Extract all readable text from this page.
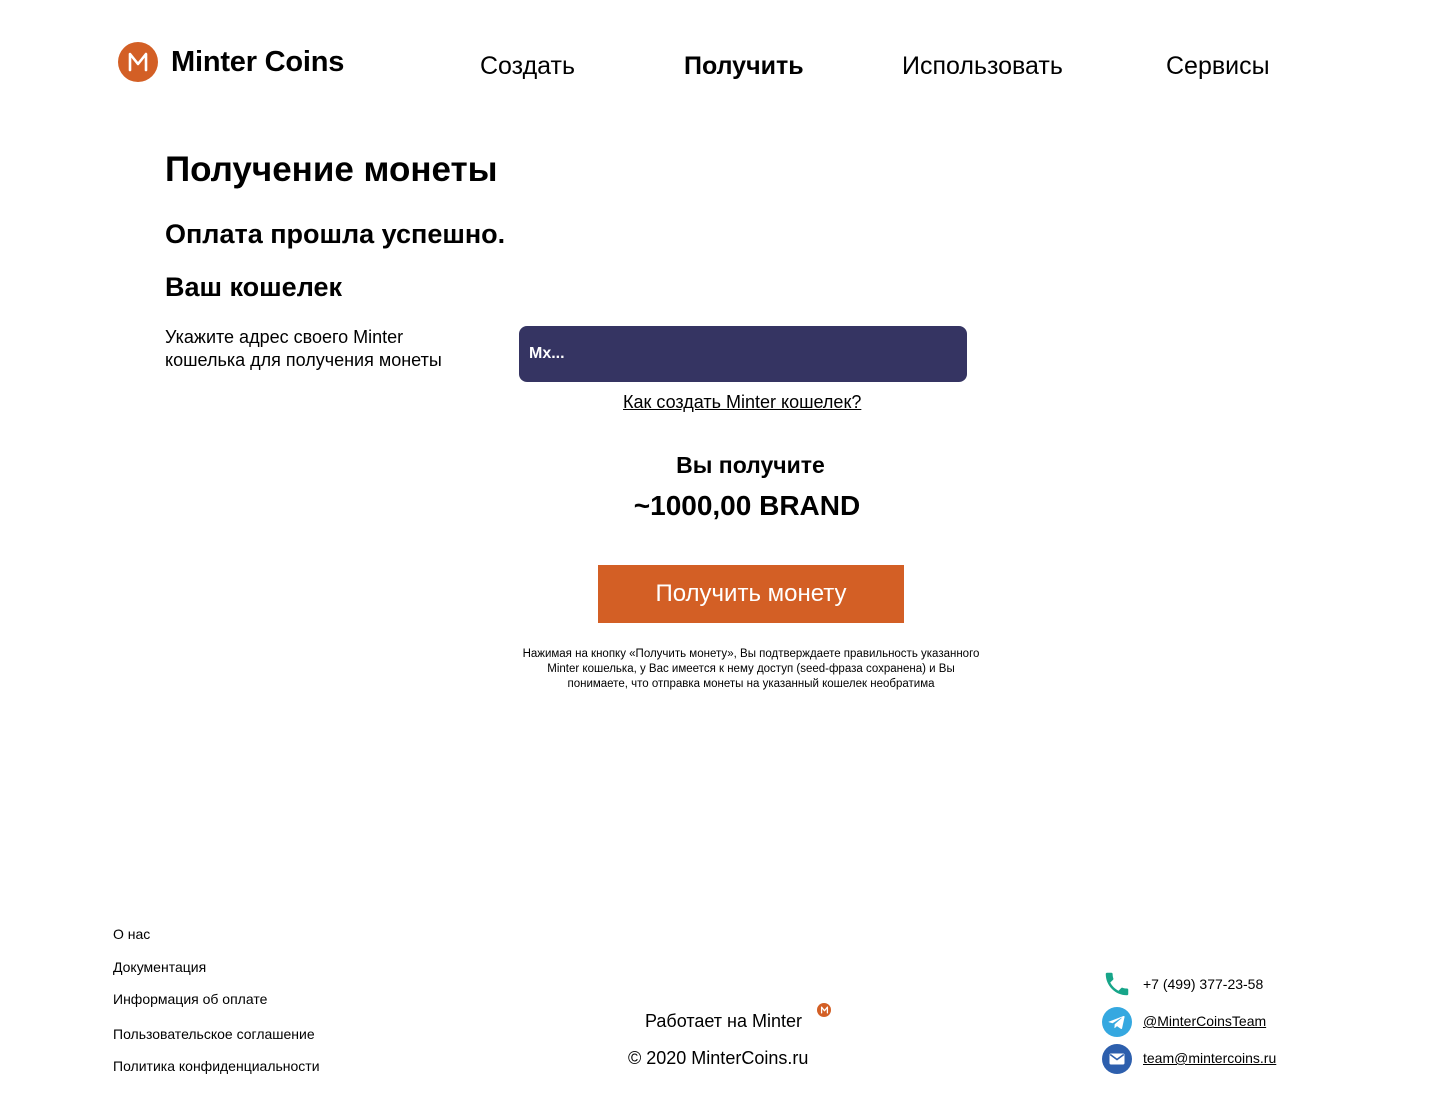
Minter Coins	Создать	Получить	Использовать	Сервисы
Получение монеты
Оплата прошла успешно.
Ваш кошелек
Укажите адрес своего Minter кошелька для получения монеты
Mx...
Как создать Minter кошелек?
Вы получите
~1000,00 BRAND
Получить монету
Нажимая на кнопку «Получить монету», Вы подтверждаете правильность указанного
Minter кошелька, у Вас имеется к нему доступ (seed-фраза сохранена) и Вы
понимаете, что отправка монеты на указанный кошелек необратима
О нас
Документация
Информация об оплате
Пользовательское соглашение
Политика конфиденциальности
Работает на Minter
© 2020 MinterCoins.ru
+7 (499) 377-23-58
@MinterCoinsTeam
team@mintercoins.ru
